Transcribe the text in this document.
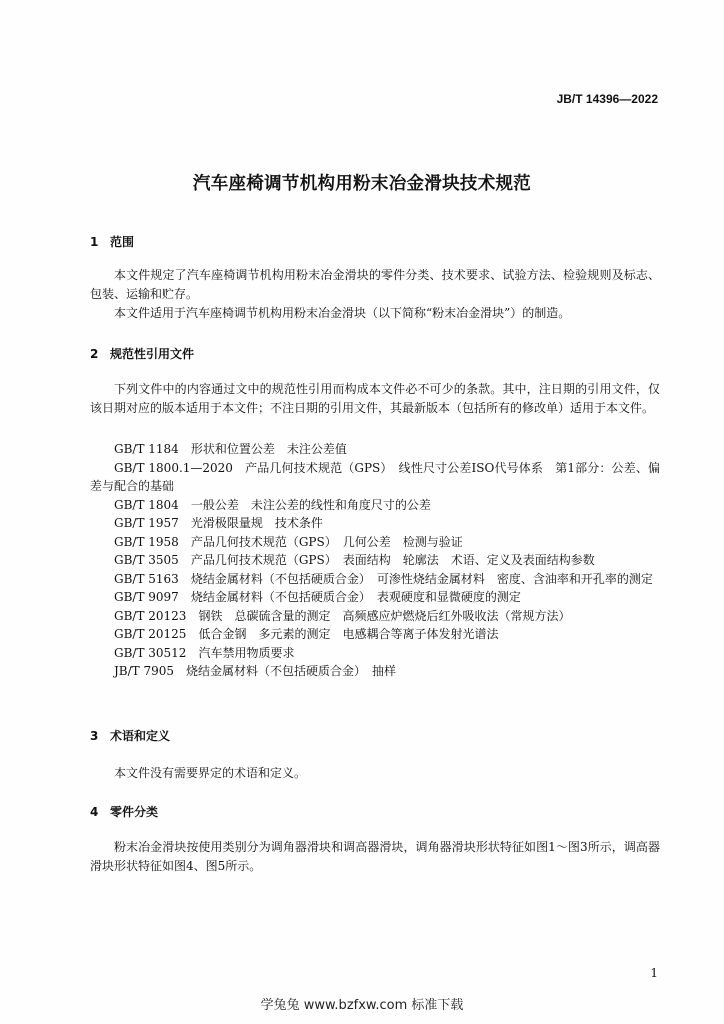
JB/T 14396—2022
汽车座椅调节机构用粉末冶金滑块技术规范
1 范围

本文件规定了汽车座椅调节机构用粉末冶金滑块的零件分类、技术要求、试验方法、检验规则及标志、包装、运输和贮存。

本文件适用于汽车座椅调节机构用粉末冶金滑块（以下简称“粉末冶金滑块”）的制造。

2 规范性引用文件

下列文件中的内容通过文中的规范性引用而构成本文件必不可少的条款。其中，注日期的引用文件，仅该日期对应的版本适用于本文件；不注日期的引用文件，其最新版本（包括所有的修改单）适用于本文件。

GB/T 1184 形状和位置公差　未注公差值
GB/T 1800.1—2020 产品几何技术规范（GPS）　线性尺寸公差ISO代号体系　第1部分：公差、偏差与配合的基础
GB/T 1804 一般公差　未注公差的线性和角度尺寸的公差
GB/T 1957 光滑极限量规　技术条件
GB/T 1958 产品几何技术规范（GPS）　几何公差　检测与验证
GB/T 3505 产品几何技术规范（GPS）　表面结构　轮廓法　术语、定义及表面结构参数
GB/T 5163 烧结金属材料（不包括硬质合金）　可渗性烧结金属材料　密度、含油率和开孔率的测定
GB/T 9097 烧结金属材料（不包括硬质合金）　表观硬度和显微硬度的测定
GB/T 20123 钢铁　总碳硫含量的测定　高频感应炉燃烧后红外吸收法（常规方法）
GB/T 20125 低合金钢　多元素的测定　电感耦合等离子体发射光谱法
GB/T 30512 汽车禁用物质要求
JB/T 7905 烧结金属材料（不包括硬质合金）　抽样
3 术语和定义

本文件没有需要界定的术语和定义。

4 零件分类

粉末冶金滑块按使用类别分为调角器滑块和调高器滑块，调角器滑块形状特征如图1～图3所示，调高器滑块形状特征如图4、图5所示。

1
学兔兔 www.bzfxw.com 标准下载
